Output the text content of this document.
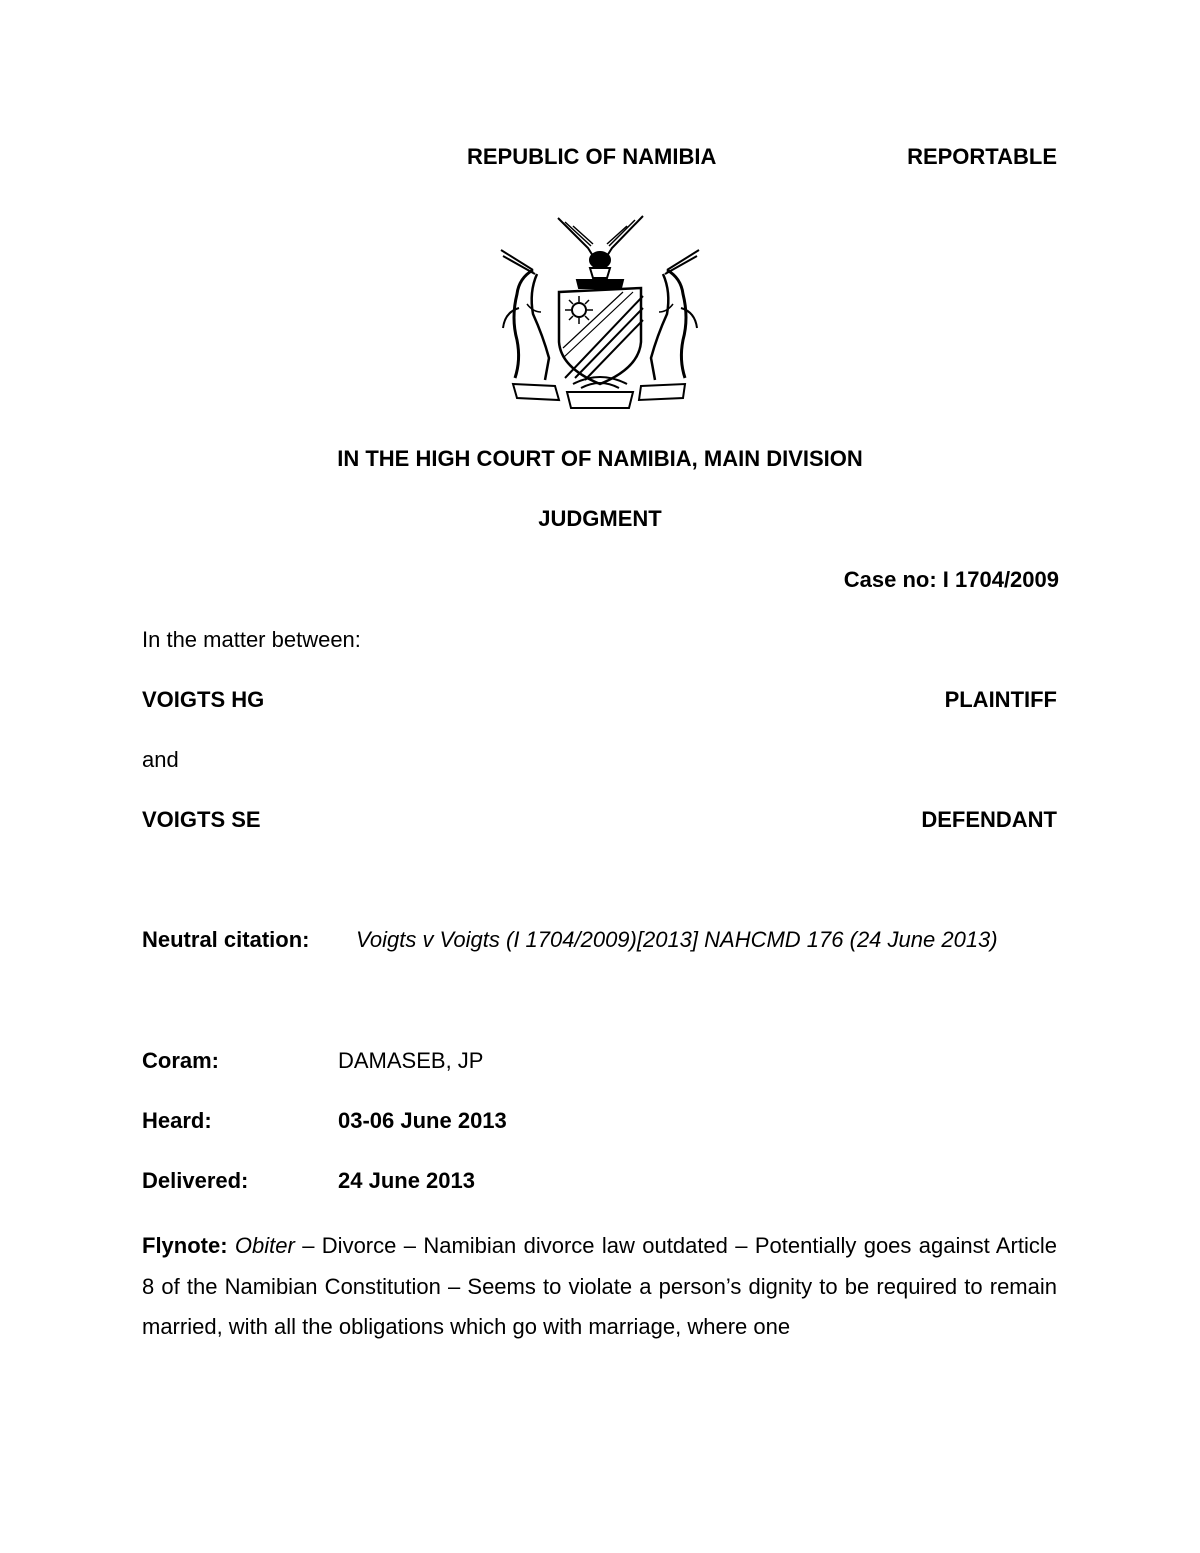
REPUBLIC OF NAMIBIA	REPORTABLE
IN THE HIGH COURT OF NAMIBIA, MAIN DIVISION
JUDGMENT
Case no: I 1704/2009
In the matter between:
VOIGTS HG	PLAINTIFF
and
VOIGTS SE	DEFENDANT
Neutral citation: Voigts v Voigts (I 1704/2009)[2013] NAHCMD 176 (24 June 2013)
Coram:	DAMASEB, JP
Heard:	03-06 June 2013
Delivered:	24 June 2013
Flynote: Obiter – Divorce – Namibian divorce law outdated – Potentially goes against Article 8 of the Namibian Constitution – Seems to violate a person’s dignity to be required to remain married, with all the obligations which go with marriage, where one
